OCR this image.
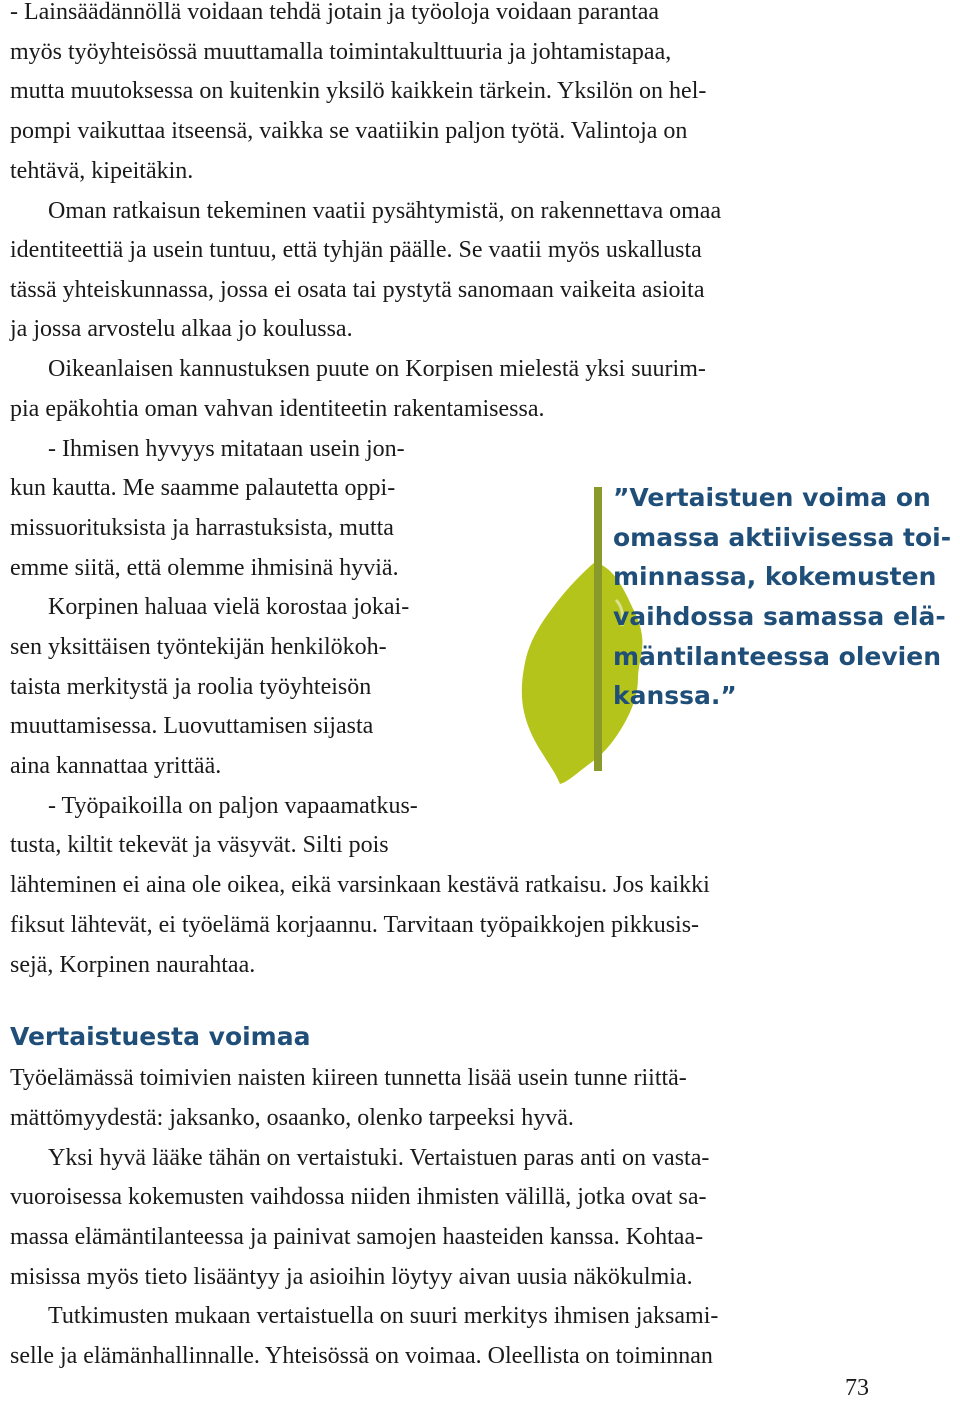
- Lainsäädännöllä voidaan tehdä jotain ja työoloja voidaan parantaa
myös työyhteisössä muuttamalla toimintakulttuuria ja johtamistapaa,
mutta muutoksessa on kuitenkin yksilö kaikkein tärkein. Yksilön on hel-
pompi vaikuttaa itseensä, vaikka se vaatiikin paljon työtä. Valintoja on
tehtävä, kipeitäkin.
Oman ratkaisun tekeminen vaatii pysähtymistä, on rakennettava omaa
identiteettiä ja usein tuntuu, että tyhjän päälle. Se vaatii myös uskallusta
tässä yhteiskunnassa, jossa ei osata tai pystytä sanomaan vaikeita asioita
ja jossa arvostelu alkaa jo koulussa.
Oikeanlaisen kannustuksen puute on Korpisen mielestä yksi suurim-
pia epäkohtia oman vahvan identiteetin rakentamisessa.
- Ihmisen hyvyys mitataan usein jon-
kun kautta. Me saamme palautetta oppi-
missuorituksista ja harrastuksista, mutta
emme siitä, että olemme ihmisinä hyviä.
Korpinen haluaa vielä korostaa jokai-
sen yksittäisen työntekijän henkilökoh-
taista merkitystä ja roolia työyhteisön
muuttamisessa. Luovuttamisen sijasta
aina kannattaa yrittää.
- Työpaikoilla on paljon vapaamatkus-
tusta, kiltit tekevät ja väsyvät. Silti pois
lähteminen ei aina ole oikea, eikä varsinkaan kestävä ratkaisu. Jos kaikki
fiksut lähtevät, ei työelämä korjaannu. Tarvitaan työpaikkojen pikkusis-
sejä, Korpinen naurahtaa.
”Vertaistuen voima on
omassa aktiivisessa toi-
minnassa, kokemusten
vaihdossa samassa elä-
mäntilanteessa olevien
kanssa.”
Vertaistuesta voimaa
Työelämässä toimivien naisten kiireen tunnetta lisää usein tunne riittä-
mättömyydestä: jaksanko, osaanko, olenko tarpeeksi hyvä.
Yksi hyvä lääke tähän on vertaistuki. Vertaistuen paras anti on vasta-
vuoroisessa kokemusten vaihdossa niiden ihmisten välillä, jotka ovat sa-
massa elämäntilanteessa ja painivat samojen haasteiden kanssa. Kohtaa-
misissa myös tieto lisääntyy ja asioihin löytyy aivan uusia näkökulmia.
Tutkimusten mukaan vertaistuella on suuri merkitys ihmisen jaksami-
selle ja elämänhallinnalle. Yhteisössä on voimaa. Oleellista on toiminnan
73
